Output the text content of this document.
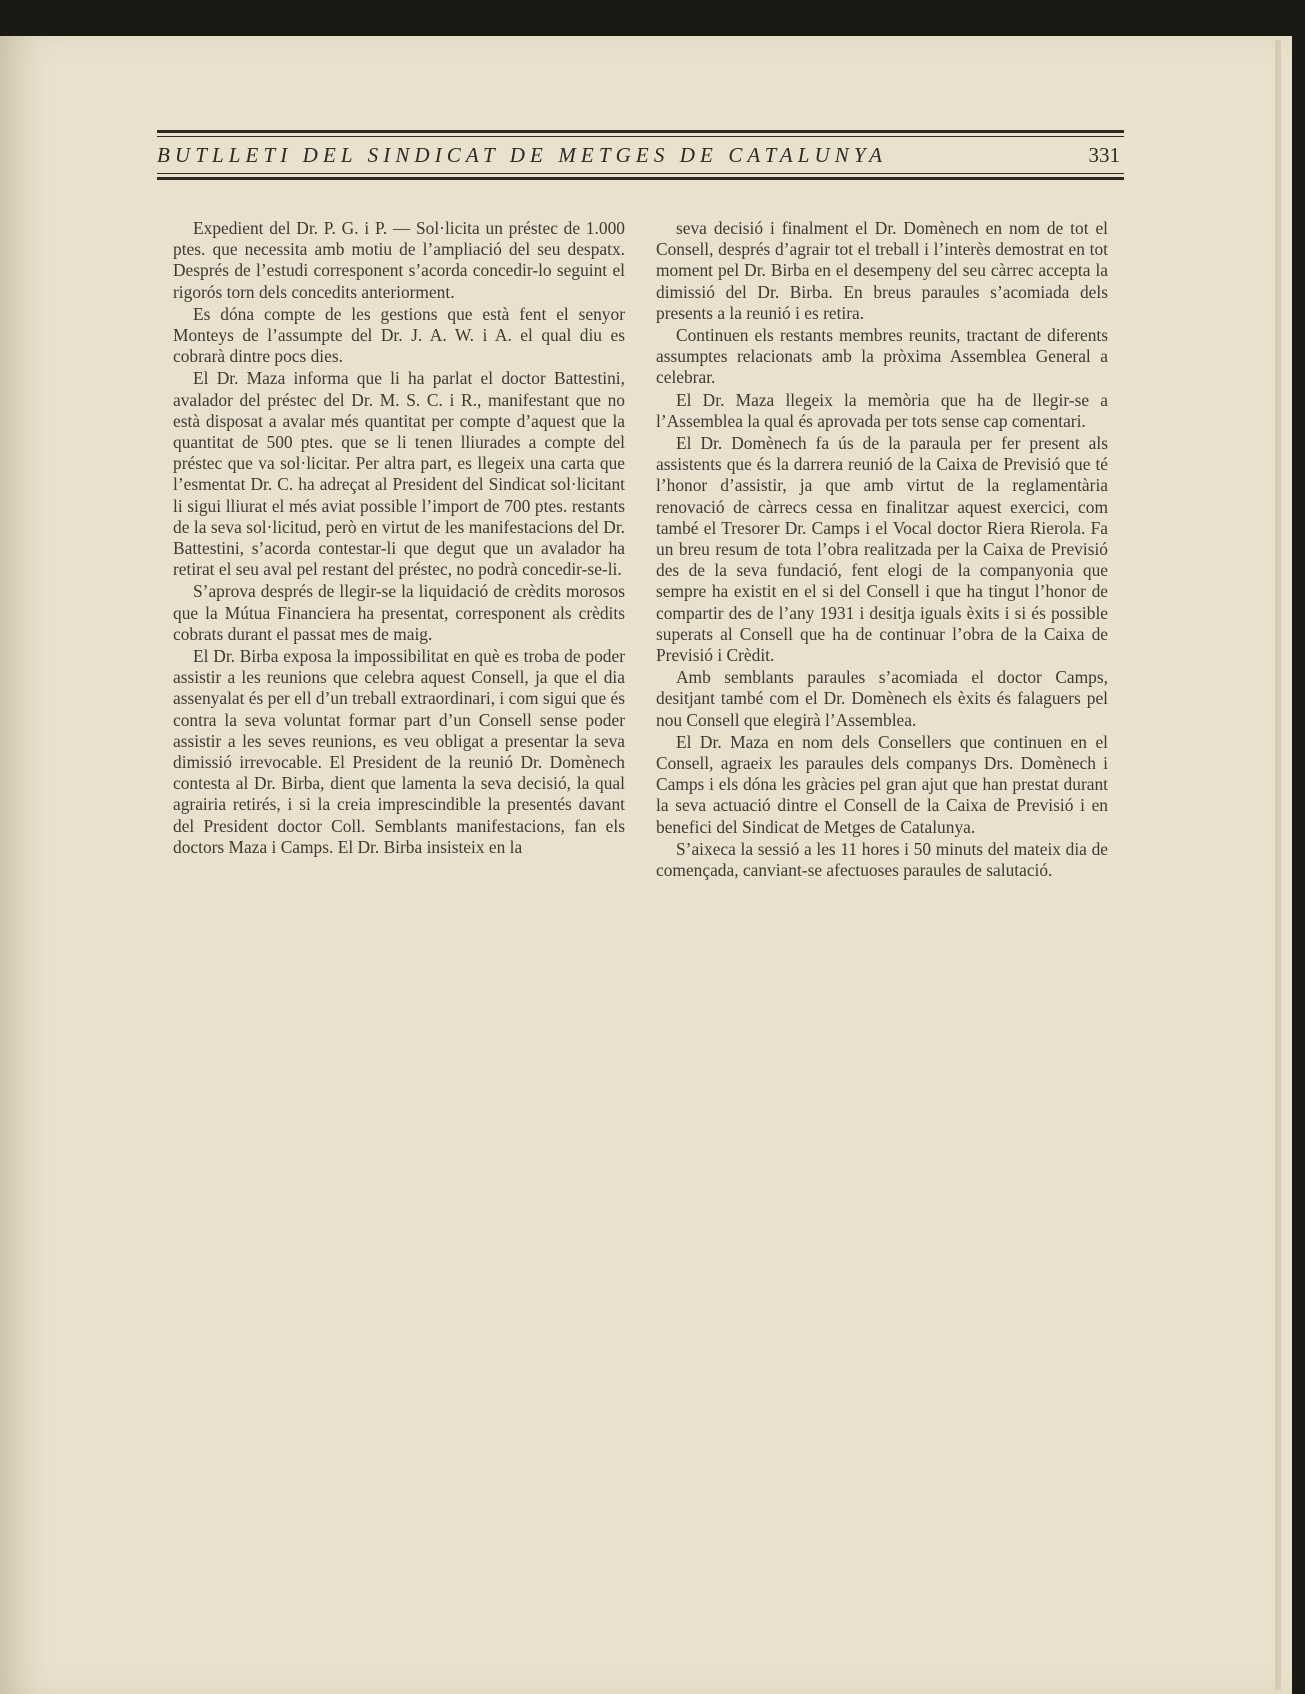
BUTLLETI DEL SINDICAT DE METGES DE CATALUNYA	331

Expedient del Dr. P. G. i P. — Sol·licita un préstec de 1.000 ptes. que necessita amb motiu de l’ampliació del seu despatx. Després de l’estudi corresponent s’acorda concedir-lo seguint el rigorós torn dels concedits anteriorment.

Es dóna compte de les gestions que està fent el senyor Monteys de l’assumpte del Dr. J. A. W. i A. el qual diu es cobrarà dintre pocs dies.

El Dr. Maza informa que li ha parlat el doctor Battestini, avalador del préstec del Dr. M. S. C. i R., manifestant que no està disposat a avalar més quantitat per compte d’aquest que la quantitat de 500 ptes. que se li tenen lliurades a compte del préstec que va sol·licitar. Per altra part, es llegeix una carta que l’esmentat Dr. C. ha adreçat al President del Sindicat sol·licitant li sigui lliurat el més aviat possible l’import de 700 ptes. restants de la seva sol·licitud, però en virtut de les manifestacions del Dr. Battestini, s’acorda contestar-li que degut que un avalador ha retirat el seu aval pel restant del préstec, no podrà concedir-se-li.

S’aprova després de llegir-se la liquidació de crèdits morosos que la Mútua Financiera ha presentat, corresponent als crèdits cobrats durant el passat mes de maig.

El Dr. Birba exposa la impossibilitat en què es troba de poder assistir a les reunions que celebra aquest Consell, ja que el dia assenyalat és per ell d’un treball extraordinari, i com sigui que és contra la seva voluntat formar part d’un Consell sense poder assistir a les seves reunions, es veu obligat a presentar la seva dimissió irrevocable. El President de la reunió Dr. Domènech contesta al Dr. Birba, dient que lamenta la seva decisió, la qual agrairia retirés, i si la creia imprescindible la presentés davant del President doctor Coll. Semblants manifestacions, fan els doctors Maza i Camps. El Dr. Birba insisteix en la

seva decisió i finalment el Dr. Domènech en nom de tot el Consell, després d’agrair tot el treball i l’interès demostrat en tot moment pel Dr. Birba en el desempeny del seu càrrec accepta la dimissió del Dr. Birba. En breus paraules s’acomiada dels presents a la reunió i es retira.

Continuen els restants membres reunits, tractant de diferents assumptes relacionats amb la pròxima Assemblea General a celebrar.

El Dr. Maza llegeix la memòria que ha de llegir-se a l’Assemblea la qual és aprovada per tots sense cap comentari.

El Dr. Domènech fa ús de la paraula per fer present als assistents que és la darrera reunió de la Caixa de Previsió que té l’honor d’assistir, ja que amb virtut de la reglamentària renovació de càrrecs cessa en finalitzar aquest exercici, com també el Tresorer Dr. Camps i el Vocal doctor Riera Rierola. Fa un breu resum de tota l’obra realitzada per la Caixa de Previsió des de la seva fundació, fent elogi de la companyonia que sempre ha existit en el si del Consell i que ha tingut l’honor de compartir des de l’any 1931 i desitja iguals èxits i si és possible superats al Consell que ha de continuar l’obra de la Caixa de Previsió i Crèdit.

Amb semblants paraules s’acomiada el doctor Camps, desitjant també com el Dr. Domènech els èxits és falaguers pel nou Consell que elegirà l’Assemblea.

El Dr. Maza en nom dels Consellers que continuen en el Consell, agraeix les paraules dels companys Drs. Domènech i Camps i els dóna les gràcies pel gran ajut que han prestat durant la seva actuació dintre el Consell de la Caixa de Previsió i en benefici del Sindicat de Metges de Catalunya.

S’aixeca la sessió a les 11 hores i 50 minuts del mateix dia de començada, canviant-se afectuoses paraules de salutació.
